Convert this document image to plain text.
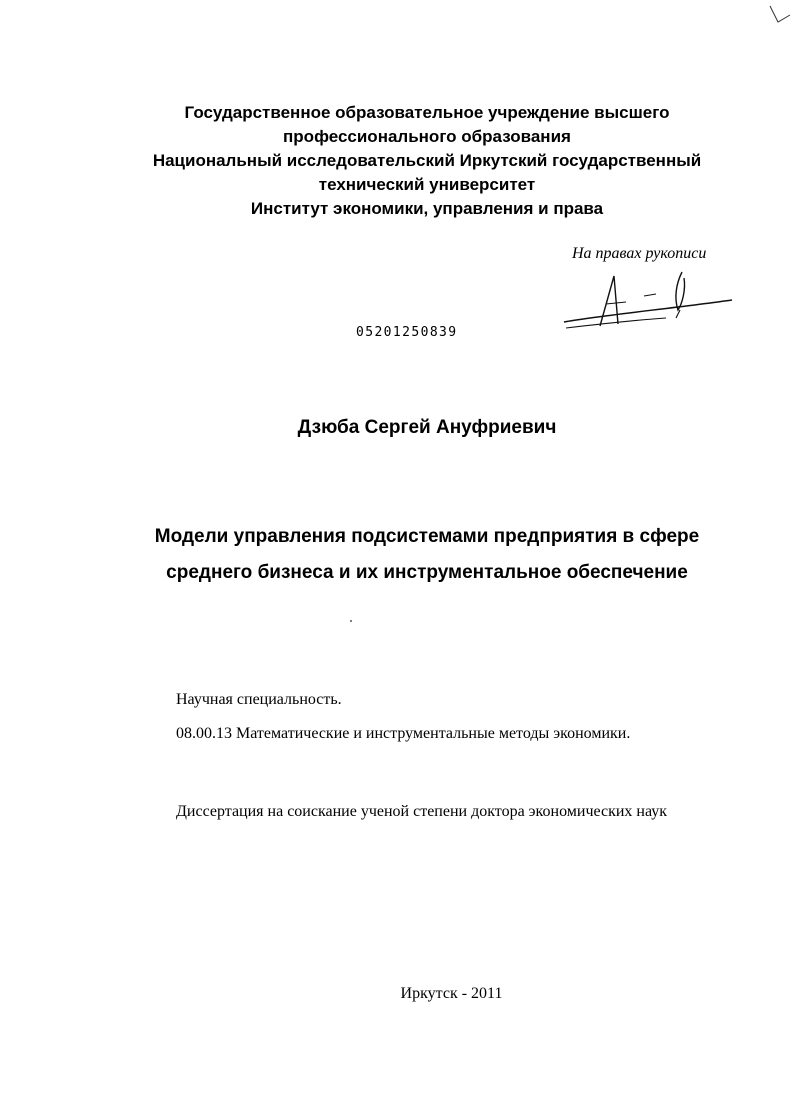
Государственное образовательное учреждение высшего
профессионального образования
Национальный исследовательский Иркутский государственный
технический университет
Институт экономики, управления и права
На правах рукописи
05201250839
Дзюба Сергей Ануфриевич
Модели управления подсистемами предприятия в сфере
среднего бизнеса и их инструментальное обеспечение
Научная специальность.
08.00.13 Математические и инструментальные методы экономики.
Диссертация на соискание ученой степени доктора экономических наук
Иркутск - 2011
